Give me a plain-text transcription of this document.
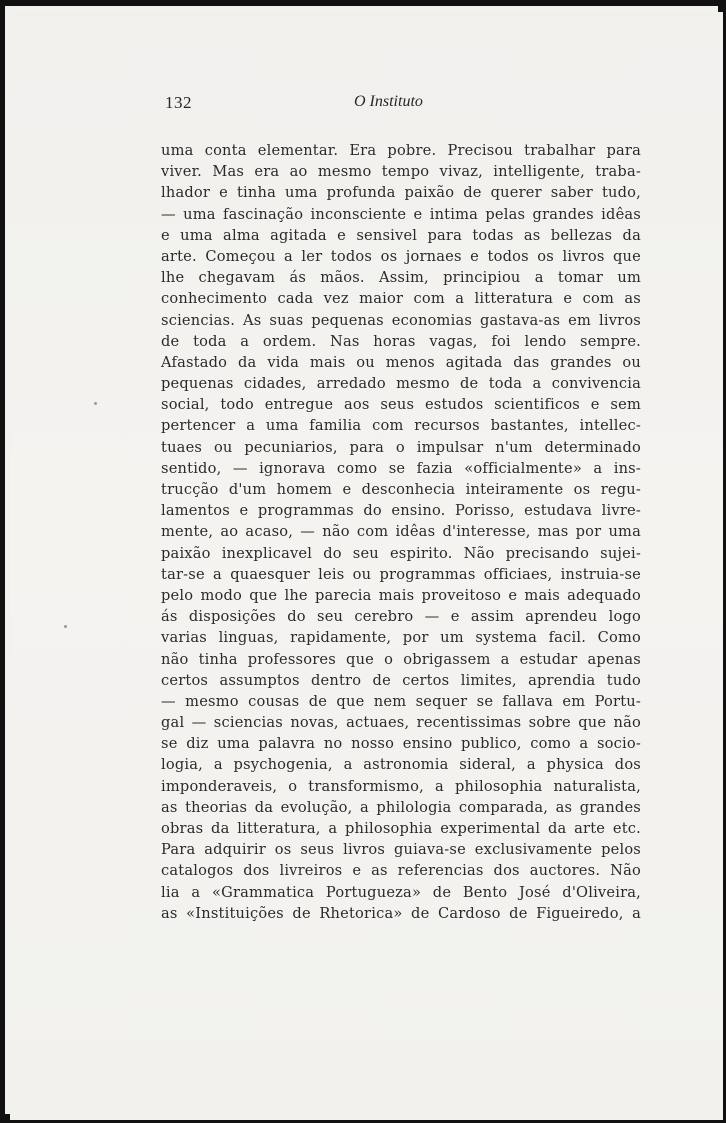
132	O Instituto
uma conta elementar. Era pobre. Precisou trabalhar para
viver. Mas era ao mesmo tempo vivaz, intelligente, traba-
lhador e tinha uma profunda paixão de querer saber tudo,
— uma fascinação inconsciente e intima pelas grandes idêas
e uma alma agitada e sensivel para todas as bellezas da
arte. Começou a ler todos os jornaes e todos os livros que
lhe chegavam ás mãos. Assim, principiou a tomar um
conhecimento cada vez maior com a litteratura e com as
sciencias. As suas pequenas economias gastava-as em livros
de toda a ordem. Nas horas vagas, foi lendo sempre.
Afastado da vida mais ou menos agitada das grandes ou
pequenas cidades, arredado mesmo de toda a convivencia
social, todo entregue aos seus estudos scientificos e sem
pertencer a uma familia com recursos bastantes, intellec-
tuaes ou pecuniarios, para o impulsar n'um determinado
sentido, — ignorava como se fazia «officialmente» a ins-
trucção d'um homem e desconhecia inteiramente os regu-
lamentos e programmas do ensino. Porisso, estudava livre-
mente, ao acaso, — não com idêas d'interesse, mas por uma
paixão inexplicavel do seu espirito. Não precisando sujei-
tar-se a quaesquer leis ou programmas officiaes, instruia-se
pelo modo que lhe parecia mais proveitoso e mais adequado
ás disposições do seu cerebro — e assim aprendeu logo
varias linguas, rapidamente, por um systema facil. Como
não tinha professores que o obrigassem a estudar apenas
certos assumptos dentro de certos limites, aprendia tudo
— mesmo cousas de que nem sequer se fallava em Portu-
gal — sciencias novas, actuaes, recentissimas sobre que não
se diz uma palavra no nosso ensino publico, como a socio-
logia, a psychogenia, a astronomia sideral, a physica dos
imponderaveis, o transformismo, a philosophia naturalista,
as theorias da evolução, a philologia comparada, as grandes
obras da litteratura, a philosophia experimental da arte etc.
Para adquirir os seus livros guiava-se exclusivamente pelos
catalogos dos livreiros e as referencias dos auctores. Não
lia a «Grammatica Portugueza» de Bento José d'Oliveira,
as «Instituições de Rhetorica» de Cardoso de Figueiredo, a
